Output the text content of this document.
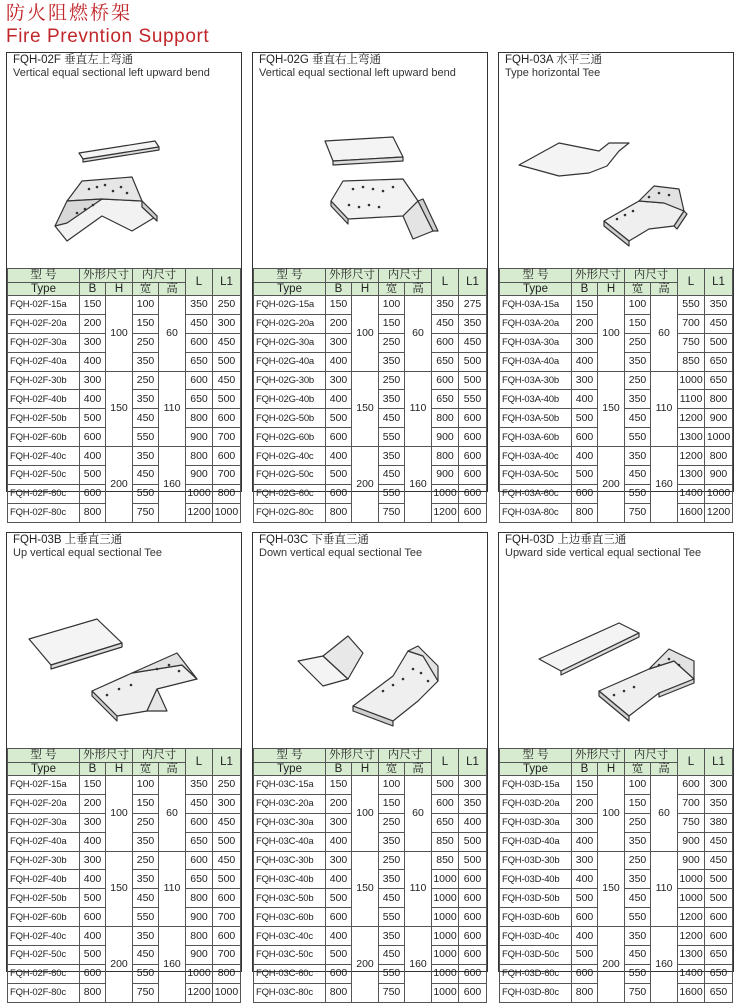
防火阻燃桥架
Fire Prevntion Support
FQH-02F 垂直左上弯通
Vertical equal sectional left upward bend
型 号	外形尺寸		内尺寸		L	L1
Type	B	H	宽	高		
FQH-02F-15a	150	100	100	60	350	250
FQH-02F-20a	200		150		450	300
FQH-02F-30a	300		250		600	450
FQH-02F-40a	400		350		650	500
FQH-02F-30b	300	150	250	110	600	450
FQH-02F-40b	400		350		650	500
FQH-02F-50b	500		450		800	600
FQH-02F-60b	600		550		900	700
FQH-02F-40c	400	200	350	160	800	600
FQH-02F-50c	500		450		900	700
FQH-02F-60c	600		550		1000	800
FQH-02F-80c	800		750		1200	1000
FQH-02G 垂直右上弯通
Vertical equal sectional left upward bend
型 号	外形尺寸		内尺寸		L	L1
Type	B	H	宽	高		
FQH-02G-15a	150	100	100	60	350	275
FQH-02G-20a	200		150		450	350
FQH-02G-30a	300		250		600	450
FQH-02G-40a	400		350		650	500
FQH-02G-30b	300	150	250	110	600	500
FQH-02G-40b	400		350		650	550
FQH-02G-50b	500		450		800	600
FQH-02G-60b	600		550		900	600
FQH-02G-40c	400	200	350	160	800	600
FQH-02G-50c	500		450		900	600
FQH-02G-60c	600		550		1000	600
FQH-02G-80c	800		750		1200	600
FQH-03A 水平三通
Type horizontal Tee
型 号	外形尺寸		内尺寸		L	L1
Type	B	H	宽	高		
FQH-03A-15a	150	100	100	60	550	350
FQH-03A-20a	200		150		700	450
FQH-03A-30a	300		250		750	500
FQH-03A-40a	400		350		850	650
FQH-03A-30b	300	150	250	110	1000	650
FQH-03A-40b	400		350		1100	800
FQH-03A-50b	500		450		1200	900
FQH-03A-60b	600		550		1300	1000
FQH-03A-40c	400	200	350	160	1200	800
FQH-03A-50c	500		450		1300	900
FQH-03A-60c	600		550		1400	1000
FQH-03A-80c	800		750		1600	1200
FQH-03B 上垂直三通
Up vertical equal sectional Tee
型 号	外形尺寸		内尺寸		L	L1
Type	B	H	宽	高		
FQH-02F-15a	150	100	100	60	350	250
FQH-02F-20a	200		150		450	300
FQH-02F-30a	300		250		600	450
FQH-02F-40a	400		350		650	500
FQH-02F-30b	300	150	250	110	600	450
FQH-02F-40b	400		350		650	500
FQH-02F-50b	500		450		800	600
FQH-02F-60b	600		550		900	700
FQH-02F-40c	400	200	350	160	800	600
FQH-02F-50c	500		450		900	700
FQH-02F-60c	600		550		1000	800
FQH-02F-80c	800		750		1200	1000
FQH-03C 下垂直三通
Down vertical equal sectional Tee
型 号	外形尺寸		内尺寸		L	L1
Type	B	H	宽	高		
FQH-03C-15a	150	100	100	60	500	300
FQH-03C-20a	200		150		600	350
FQH-03C-30a	300		250		650	400
FQH-03C-40a	400		350		850	500
FQH-03C-30b	300	150	250	110	850	500
FQH-03C-40b	400		350		1000	600
FQH-03C-50b	500		450		1000	600
FQH-03C-60b	600		550		1000	600
FQH-03C-40c	400	200	350	160	1000	600
FQH-03C-50c	500		450		1000	600
FQH-03C-60c	600		550		1000	600
FQH-03C-80c	800		750		1000	600
FQH-03D 上边垂直三通
Upward side vertical equal sectional Tee
型 号	外形尺寸		内尺寸		L	L1
Type	B	H	宽	高		
FQH-03D-15a	150	100	100	60	600	300
FQH-03D-20a	200		150		700	350
FQH-03D-30a	300		250		750	380
FQH-03D-40a	400		350		900	450
FQH-03D-30b	300	150	250	110	900	450
FQH-03D-40b	400		350		1000	500
FQH-03D-50b	500		450		1000	500
FQH-03D-60b	600		550		1200	600
FQH-03D-40c	400	200	350	160	1200	600
FQH-03D-50c	500		450		1300	650
FQH-03D-60c	600		550		1400	650
FQH-03D-80c	800		750		1600	650
